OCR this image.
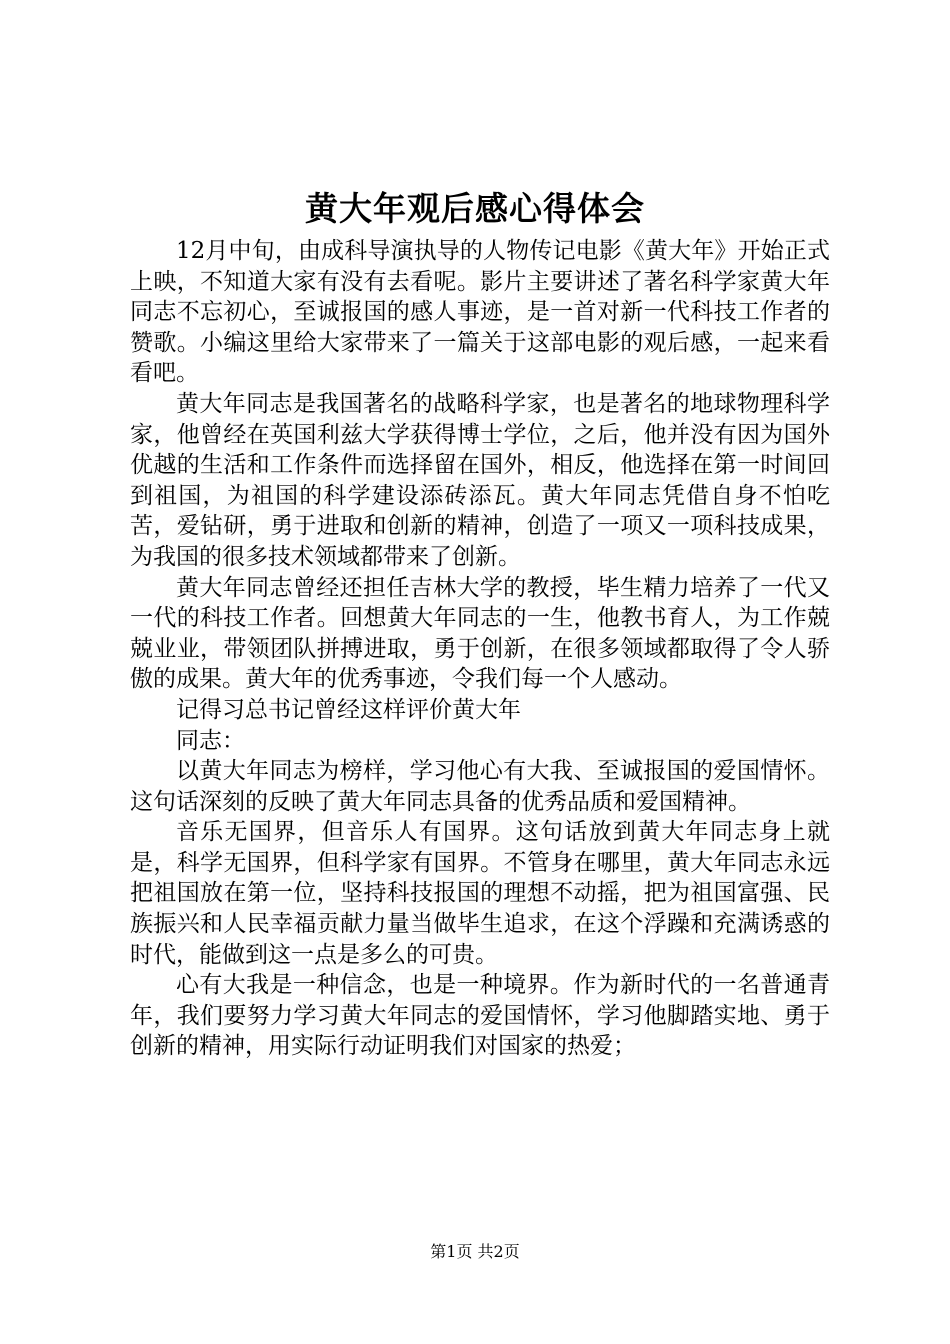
黄大年观后感心得体会

12月中旬，由成科导演执导的人物传记电影《黄大年》开始正式上映，不知道大家有没有去看呢。影片主要讲述了著名科学家黄大年同志不忘初心，至诚报国的感人事迹，是一首对新一代科技工作者的赞歌。小编这里给大家带来了一篇关于这部电影的观后感，一起来看看吧。

黄大年同志是我国著名的战略科学家，也是著名的地球物理科学家，他曾经在英国利兹大学获得博士学位，之后，他并没有因为国外优越的生活和工作条件而选择留在国外，相反，他选择在第一时间回到祖国，为祖国的科学建设添砖添瓦。黄大年同志凭借自身不怕吃苦，爱钻研，勇于进取和创新的精神，创造了一项又一项科技成果，为我国的很多技术领域都带来了创新。

黄大年同志曾经还担任吉林大学的教授，毕生精力培养了一代又一代的科技工作者。回想黄大年同志的一生，他教书育人，为工作兢兢业业，带领团队拼搏进取，勇于创新，在很多领域都取得了令人骄傲的成果。黄大年的优秀事迹，令我们每一个人感动。

记得习总书记曾经这样评价黄大年

同志：

以黄大年同志为榜样，学习他心有大我、至诚报国的爱国情怀。这句话深刻的反映了黄大年同志具备的优秀品质和爱国精神。

音乐无国界，但音乐人有国界。这句话放到黄大年同志身上就是，科学无国界，但科学家有国界。不管身在哪里，黄大年同志永远把祖国放在第一位，坚持科技报国的理想不动摇，把为祖国富强、民族振兴和人民幸福贡献力量当做毕生追求，在这个浮躁和充满诱惑的时代，能做到这一点是多么的可贵。

心有大我是一种信念，也是一种境界。作为新时代的一名普通青年，我们要努力学习黄大年同志的爱国情怀，学习他脚踏实地、勇于创新的精神，用实际行动证明我们对国家的热爱；

第1页 共2页
